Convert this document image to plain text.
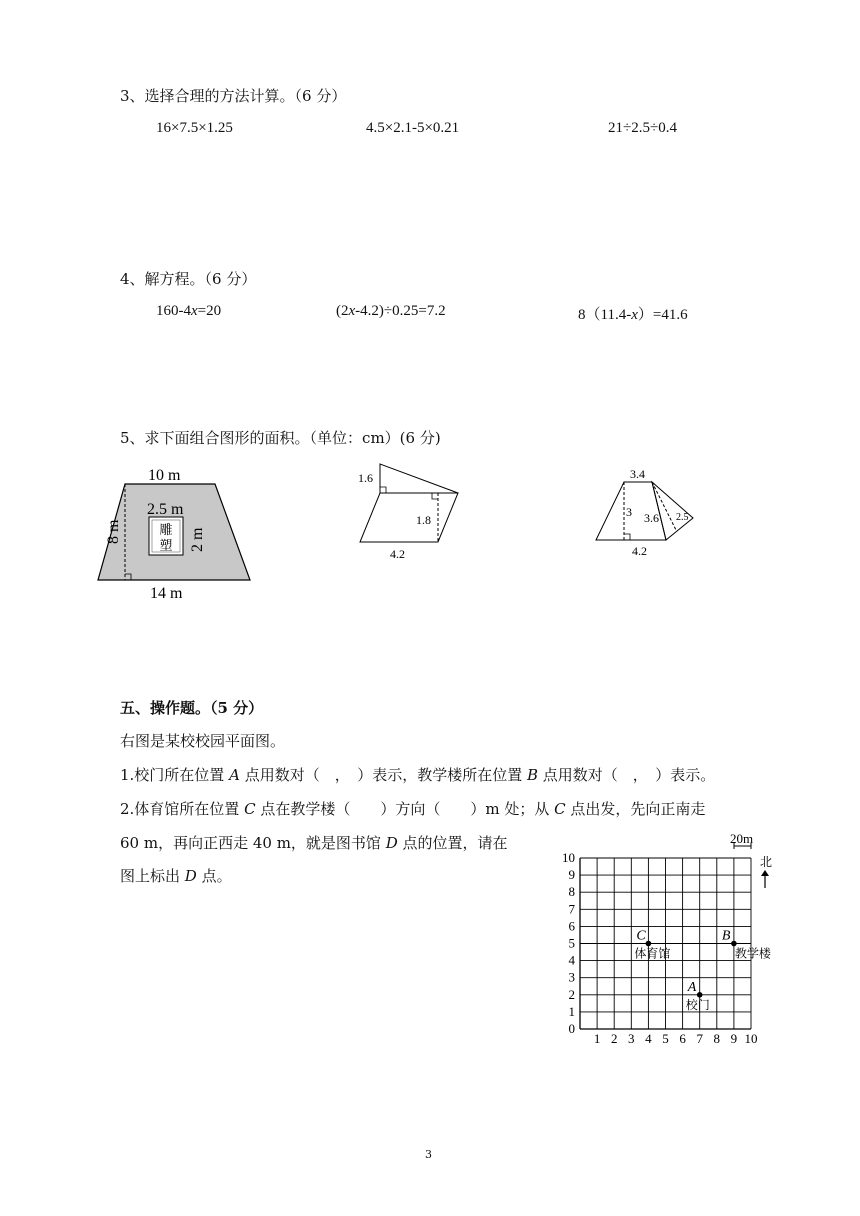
3、选择合理的方法计算。（6 分）
16×7.5×1.25	4.5×2.1-5×0.21	21÷2.5÷0.4
4、解方程。（6 分）
160-4x=20	(2x-4.2)÷0.25=7.2	8（11.4-x）=41.6
5、求下面组合图形的面积。（单位：cm）(6 分)
雕
塑
10 m
2.5 m
8 m	2 m
14 m
1.6
1.8
4.2
3.4
3 3.6 2.5
4.2
五、操作题。（5 分）
右图是某校校园平面图。
1.校门所在位置 A 点用数对（　，　）表示，教学楼所在位置 B 点用数对（　，　）表示。
2.体育馆所在位置 C 点在教学楼（　　）方向（　　）m 处；从 C 点出发，先向正南走
60 m，再向正西走 40 m，就是图书馆 D 点的位置，请在
图上标出 D 点。
1 2 3 4 5 6 7 8 9 10
0
1
2
3
4
5
6
7
8
9
10
C
体育馆
B
教学楼
A
校门
20m
北
3
